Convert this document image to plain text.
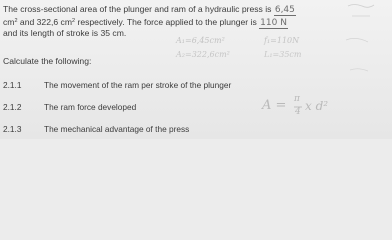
The cross-sectional area of the plunger and ram of a hydraulic press is 6,45
$cm^2$ and 322,6 $cm^2$ respectively. The force applied to the plunger is 110 N
and its length of stroke is 35 cm.
A₁=6,45cm²	f₁=110N
A₂=322,6cm²	L₁=35cm
Calculate the following:
2.1.1	The movement of the ram per stroke of the plunger
2.1.2	The ram force developed
2.1.3	The mechanical advantage of the press
A = π
4 x d²
